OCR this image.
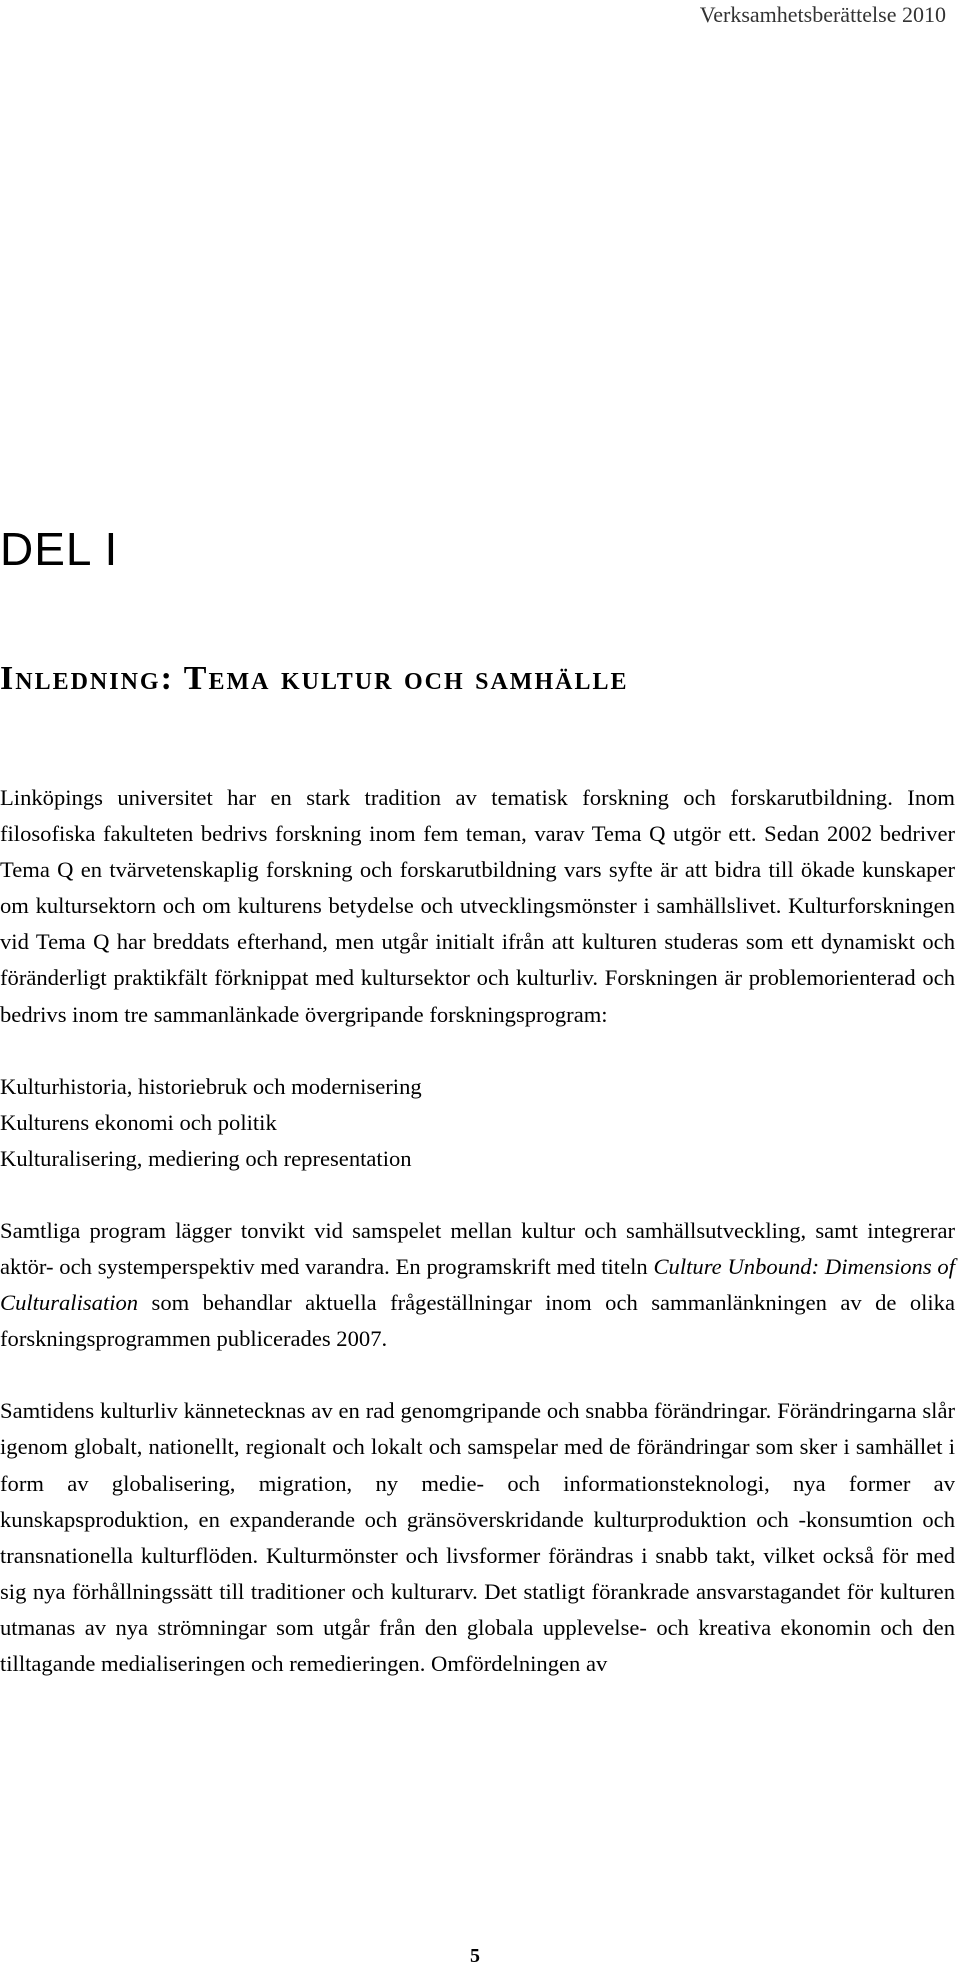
Verksamhetsberättelse 2010
DEL I
Inledning: Tema kultur och samhälle

Linköpings universitet har en stark tradition av tematisk forskning och forskarutbildning. Inom filosofiska fakulteten bedrivs forskning inom fem teman, varav Tema Q utgör ett. Sedan 2002 bedriver Tema Q en tvärvetenskaplig forskning och forskarutbildning vars syfte är att bidra till ökade kunskaper om kultursektorn och om kulturens betydelse och utvecklingsmönster i samhällslivet. Kulturforskningen vid Tema Q har breddats efterhand, men utgår initialt ifrån att kulturen studeras som ett dynamiskt och föränderligt praktikfält förknippat med kultursektor och kulturliv. Forskningen är problemorienterad och bedrivs inom tre sammanlänkade övergripande forskningsprogram:

Kulturhistoria, historiebruk och modernisering
Kulturens ekonomi och politik
Kulturalisering, mediering och representation

Samtliga program lägger tonvikt vid samspelet mellan kultur och samhällsutveckling, samt integrerar aktör- och systemperspektiv med varandra. En programskrift med titeln Culture Unbound: Dimensions of Culturalisation som behandlar aktuella frågeställningar inom och sammanlänkningen av de olika forskningsprogrammen publicerades 2007.

Samtidens kulturliv kännetecknas av en rad genomgripande och snabba förändringar. Förändringarna slår igenom globalt, nationellt, regionalt och lokalt och samspelar med de förändringar som sker i samhället i form av globalisering, migration, ny medie- och informationsteknologi, nya former av kunskapsproduktion, en expanderande och gränsöverskridande kulturproduktion och -konsumtion och transnationella kulturflöden. Kulturmönster och livsformer förändras i snabb takt, vilket också för med sig nya förhållningssätt till traditioner och kulturarv. Det statligt förankrade ansvarstagandet för kulturen utmanas av nya strömningar som utgår från den globala upplevelse- och kreativa ekonomin och den tilltagande medialiseringen och remedieringen. Omfördelningen av

5
